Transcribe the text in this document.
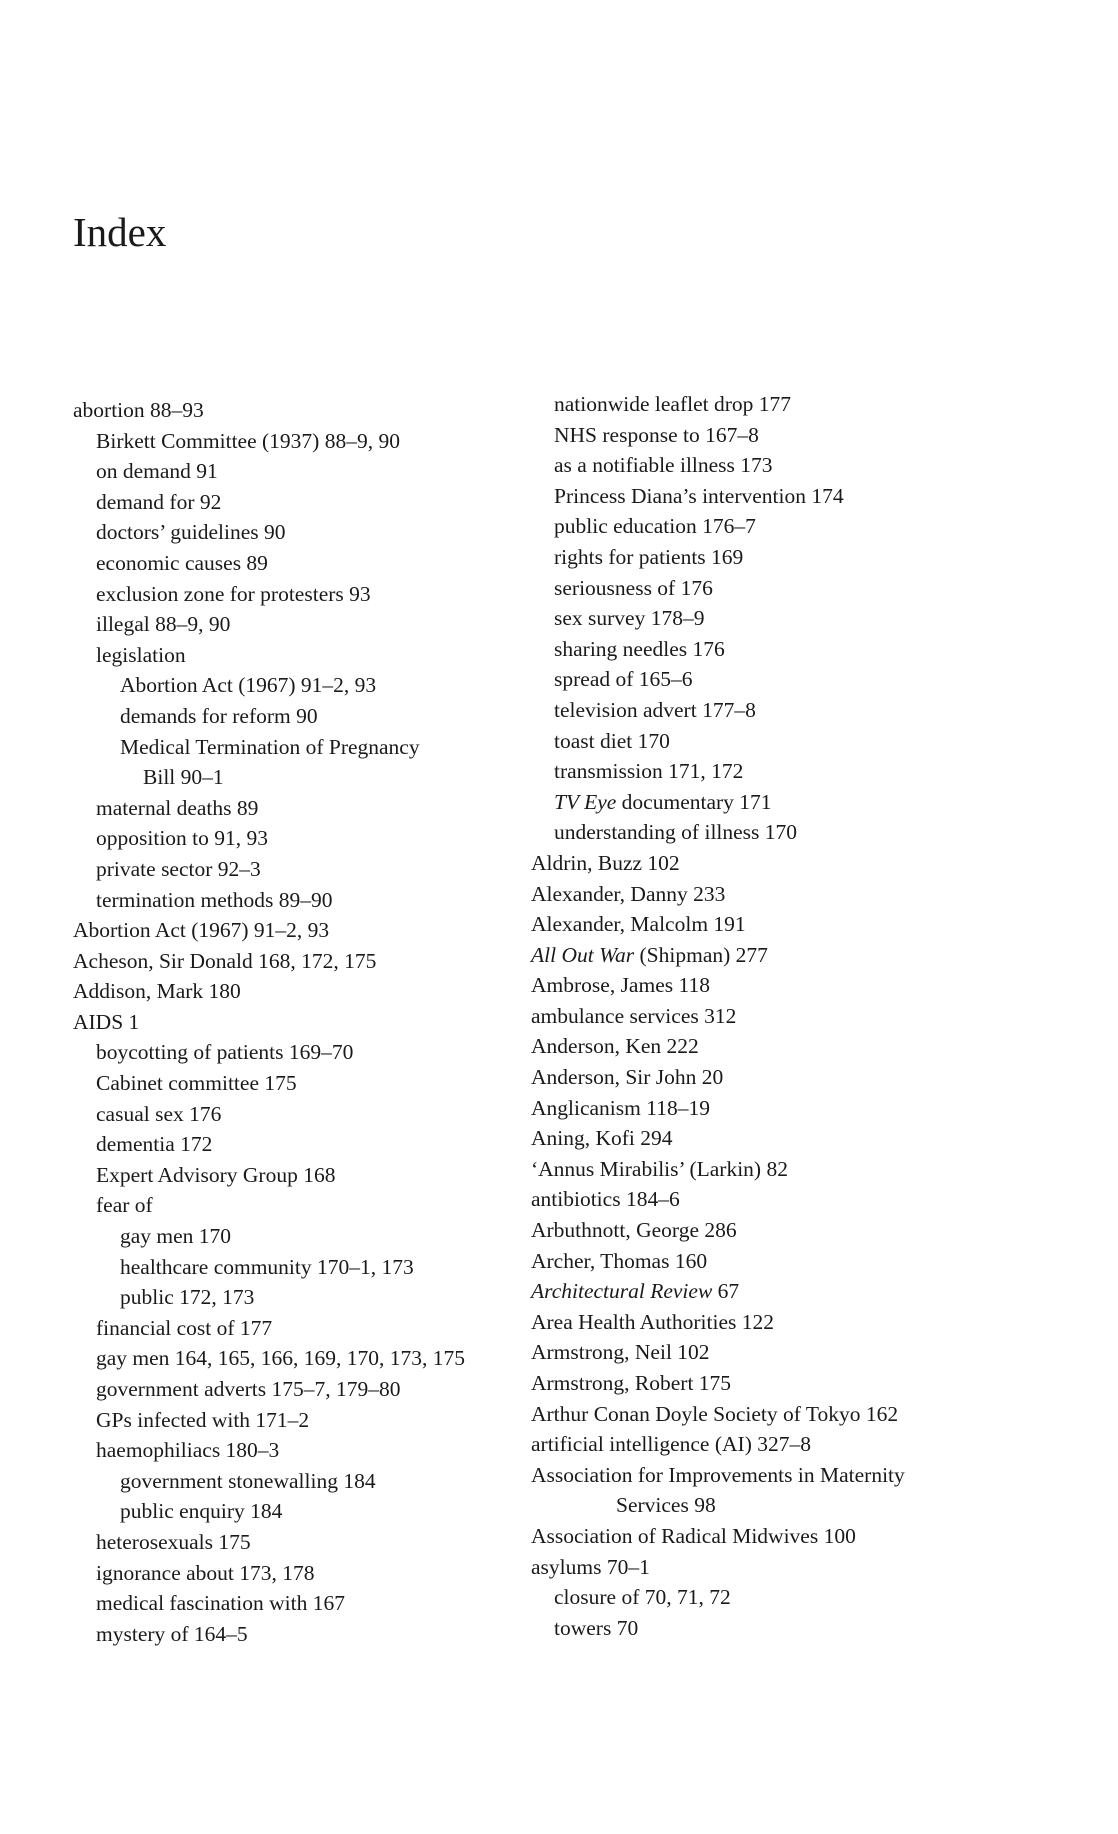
Index
abortion 88–93
Birkett Committee (1937) 88–9, 90
on demand 91
demand for 92
doctors’ guidelines 90
economic causes 89
exclusion zone for protesters 93
illegal 88–9, 90
legislation
Abortion Act (1967) 91–2, 93
demands for reform 90
Medical Termination of Pregnancy
Bill 90–1
maternal deaths 89
opposition to 91, 93
private sector 92–3
termination methods 89–90
Abortion Act (1967) 91–2, 93
Acheson, Sir Donald 168, 172, 175
Addison, Mark 180
AIDS 1
boycotting of patients 169–70
Cabinet committee 175
casual sex 176
dementia 172
Expert Advisory Group 168
fear of
gay men 170
healthcare community 170–1, 173
public 172, 173
financial cost of 177
gay men 164, 165, 166, 169, 170, 173, 175
government adverts 175–7, 179–80
GPs infected with 171–2
haemophiliacs 180–3
government stonewalling 184
public enquiry 184
heterosexuals 175
ignorance about 173, 178
medical fascination with 167
mystery of 164–5
nationwide leaflet drop 177
NHS response to 167–8
as a notifiable illness 173
Princess Diana’s intervention 174
public education 176–7
rights for patients 169
seriousness of 176
sex survey 178–9
sharing needles 176
spread of 165–6
television advert 177–8
toast diet 170
transmission 171, 172
TV Eye documentary 171
understanding of illness 170
Aldrin, Buzz 102
Alexander, Danny 233
Alexander, Malcolm 191
All Out War (Shipman) 277
Ambrose, James 118
ambulance services 312
Anderson, Ken 222
Anderson, Sir John 20
Anglicanism 118–19
Aning, Kofi 294
‘Annus Mirabilis’ (Larkin) 82
antibiotics 184–6
Arbuthnott, George 286
Archer, Thomas 160
Architectural Review 67
Area Health Authorities 122
Armstrong, Neil 102
Armstrong, Robert 175
Arthur Conan Doyle Society of Tokyo 162
artificial intelligence (AI) 327–8
Association for Improvements in Maternity
Services 98
Association of Radical Midwives 100
asylums 70–1
closure of 70, 71, 72
towers 70
